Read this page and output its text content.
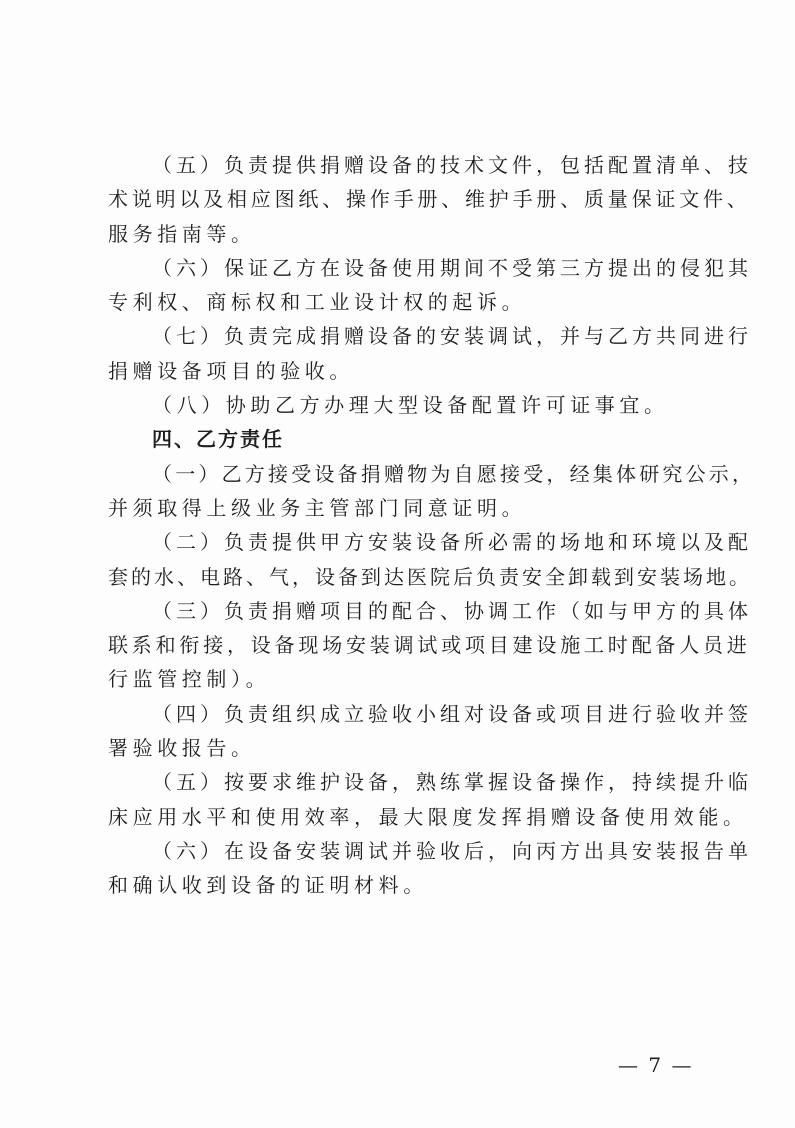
（五）负责提供捐赠设备的技术文件，包括配置清单、技
术说明以及相应图纸、操作手册、维护手册、质量保证文件、
服务指南等。
（六）保证乙方在设备使用期间不受第三方提出的侵犯其
专利权、商标权和工业设计权的起诉。
（七）负责完成捐赠设备的安装调试，并与乙方共同进行
捐赠设备项目的验收。
（八）协助乙方办理大型设备配置许可证事宜。
四、乙方责任
（一）乙方接受设备捐赠物为自愿接受，经集体研究公示，
并须取得上级业务主管部门同意证明。
（二）负责提供甲方安装设备所必需的场地和环境以及配
套的水、电路、气，设备到达医院后负责安全卸载到安装场地。
（三）负责捐赠项目的配合、协调工作（如与甲方的具体
联系和衔接，设备现场安装调试或项目建设施工时配备人员进
行监管控制）。
（四）负责组织成立验收小组对设备或项目进行验收并签
署验收报告。
（五）按要求维护设备，熟练掌握设备操作，持续提升临
床应用水平和使用效率，最大限度发挥捐赠设备使用效能。
（六）在设备安装调试并验收后，向丙方出具安装报告单
和确认收到设备的证明材料。
— 7 —
